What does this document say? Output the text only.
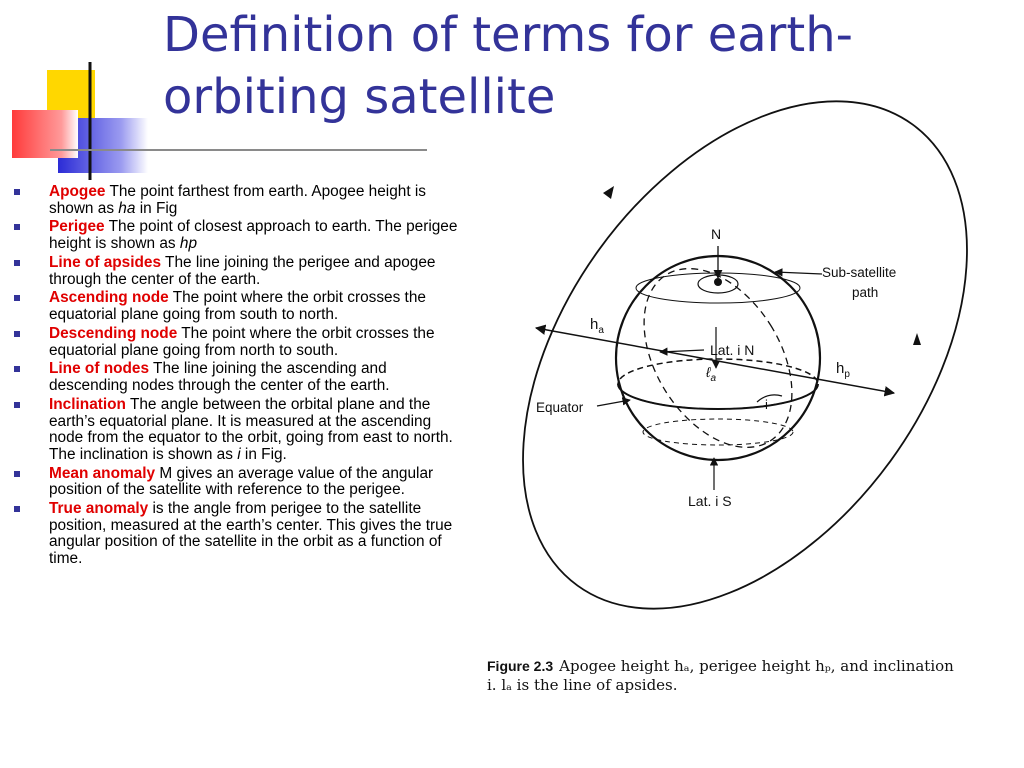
Definition of terms for earth-orbiting satellite
Apogee The point farthest from earth. Apogee height is shown as ha in Fig
Perigee The point of closest approach to earth. The perigee height is shown as hp
Line of apsides The line joining the perigee and apogee through the center of the earth.
Ascending node The point where the orbit crosses the equatorial plane going from south to north.
Descending node The point where the orbit crosses the equatorial plane going from north to south.
Line of nodes The line joining the ascending and descending nodes through the center of the earth.
Inclination The angle between the orbital plane and the earth’s equatorial plane. It is measured at the ascending node from the equator to the orbit, going from east to north. The inclination is shown as i in Fig.
Mean anomaly M gives an average value of the angular position of the satellite with reference to the perigee.
True anomaly is the angle from perigee to the satellite position, measured at the earth’s center. This gives the true angular position of the satellite in the orbit as a function of time.
N
Sub-satellite
path
$h_a$
$h_p$
Lat. i N
ℓ$_a$
Equator	i
Lat. i S
Figure 2.3 Apogee height hₐ, perigee height hₚ, and inclination i. lₐ is the line of apsides.
